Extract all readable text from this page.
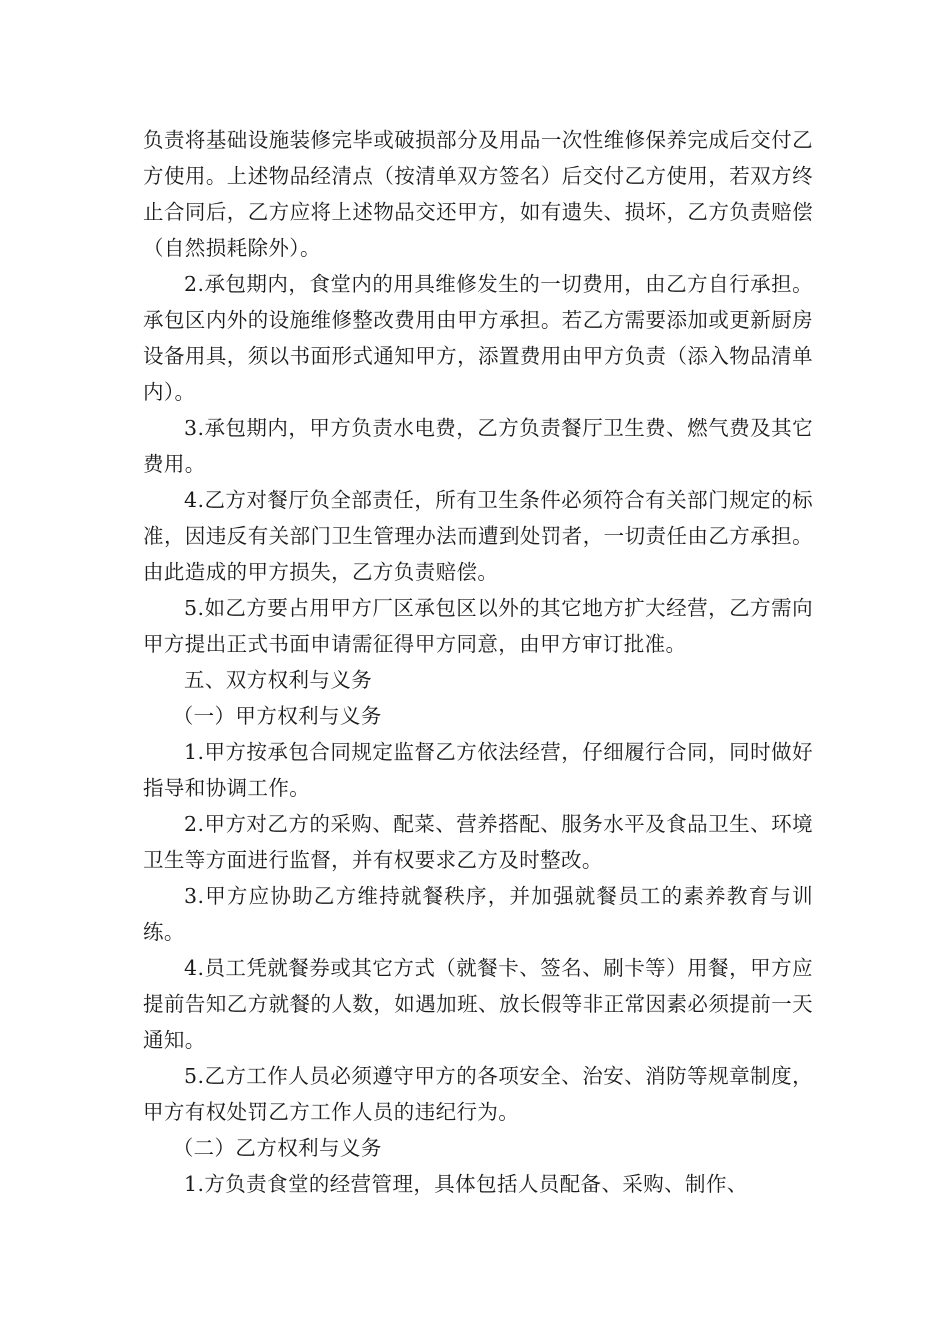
负责将基础设施装修完毕或破损部分及用品一次性维修保养完成后交付乙方使用。上述物品经清点（按清单双方签名）后交付乙方使用，若双方终止合同后，乙方应将上述物品交还甲方，如有遗失、损坏，乙方负责赔偿（自然损耗除外）。

2.承包期内，食堂内的用具维修发生的一切费用，由乙方自行承担。承包区内外的设施维修整改费用由甲方承担。若乙方需要添加或更新厨房设备用具，须以书面形式通知甲方，添置费用由甲方负责（添入物品清单内）。

3.承包期内，甲方负责水电费，乙方负责餐厅卫生费、燃气费及其它费用。

4.乙方对餐厅负全部责任，所有卫生条件必须符合有关部门规定的标准，因违反有关部门卫生管理办法而遭到处罚者，一切责任由乙方承担。由此造成的甲方损失，乙方负责赔偿。

5.如乙方要占用甲方厂区承包区以外的其它地方扩大经营，乙方需向甲方提出正式书面申请需征得甲方同意，由甲方审订批准。

五、双方权利与义务

（一）甲方权利与义务

1.甲方按承包合同规定监督乙方依法经营，仔细履行合同，同时做好指导和协调工作。

2.甲方对乙方的采购、配菜、营养搭配、服务水平及食品卫生、环境卫生等方面进行监督，并有权要求乙方及时整改。

3.甲方应协助乙方维持就餐秩序，并加强就餐员工的素养教育与训练。

4.员工凭就餐券或其它方式（就餐卡、签名、刷卡等）用餐，甲方应提前告知乙方就餐的人数，如遇加班、放长假等非正常因素必须提前一天通知。

5.乙方工作人员必须遵守甲方的各项安全、治安、消防等规章制度，甲方有权处罚乙方工作人员的违纪行为。

（二）乙方权利与义务

1.方负责食堂的经营管理，具体包括人员配备、采购、制作、
